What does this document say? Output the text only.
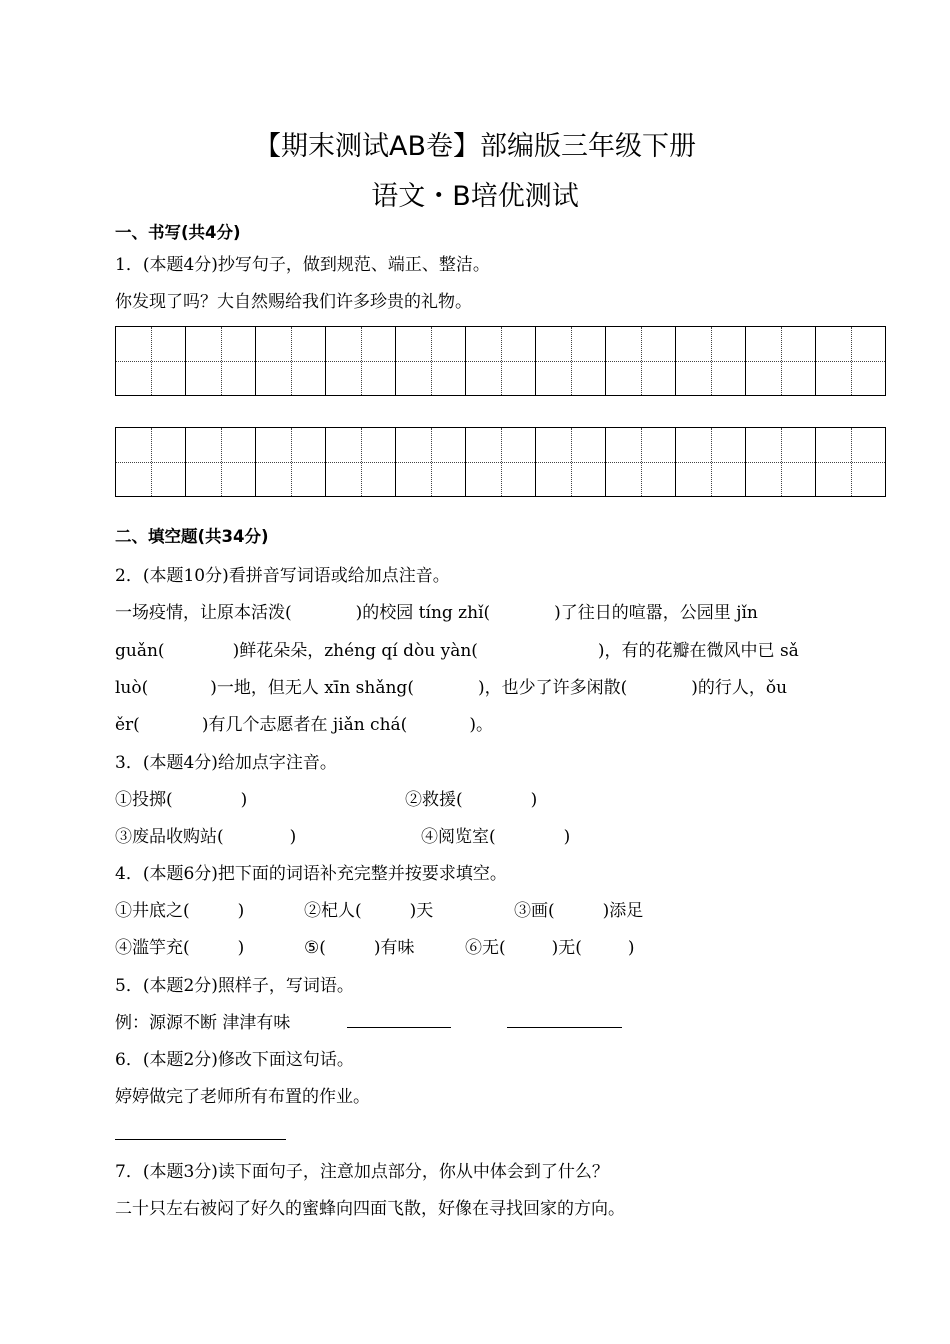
【期末测试AB卷】部编版三年级下册
语文・B培优测试
一、书写(共4分)
1．(本题4分)抄写句子，做到规范、端正、整洁。
你发现了吗？大自然赐给我们许多珍贵的礼物。
二、填空题(共34分)
2．(本题10分)看拼音写词语或给加点注音。
一场疫情，让原本活泼(	)的校园 tíng zhǐ(	)了往日的喧嚣，公园里 jǐn
guǎn(	)鲜花朵朵，zhéng qí dòu yàn(	)，有的花瓣在微风中已 sǎ
luò(	)一地，但无人 xīn shǎng(	)，也少了许多闲散(	)的行人，ǒu
ěr(	)有几个志愿者在 jiǎn chá(	)。
3．(本题4分)给加点字注音。
①投掷(	)	②救援(	)
③废品收购站(	)	④阅览室(	)
4．(本题6分)把下面的词语补充完整并按要求填空。
①井底之(	)	②杞人(	)天	③画(	)添足
④滥竽充(	)	⑤(	)有味	⑥无(	)无(	)
5．(本题2分)照样子，写词语。
例：源源不断 津津有味
6．(本题2分)修改下面这句话。
婷婷做完了老师所有布置的作业。
7．(本题3分)读下面句子，注意加点部分，你从中体会到了什么？
二十只左右被闷了好久的蜜蜂向四面飞散，好像在寻找回家的方向。
